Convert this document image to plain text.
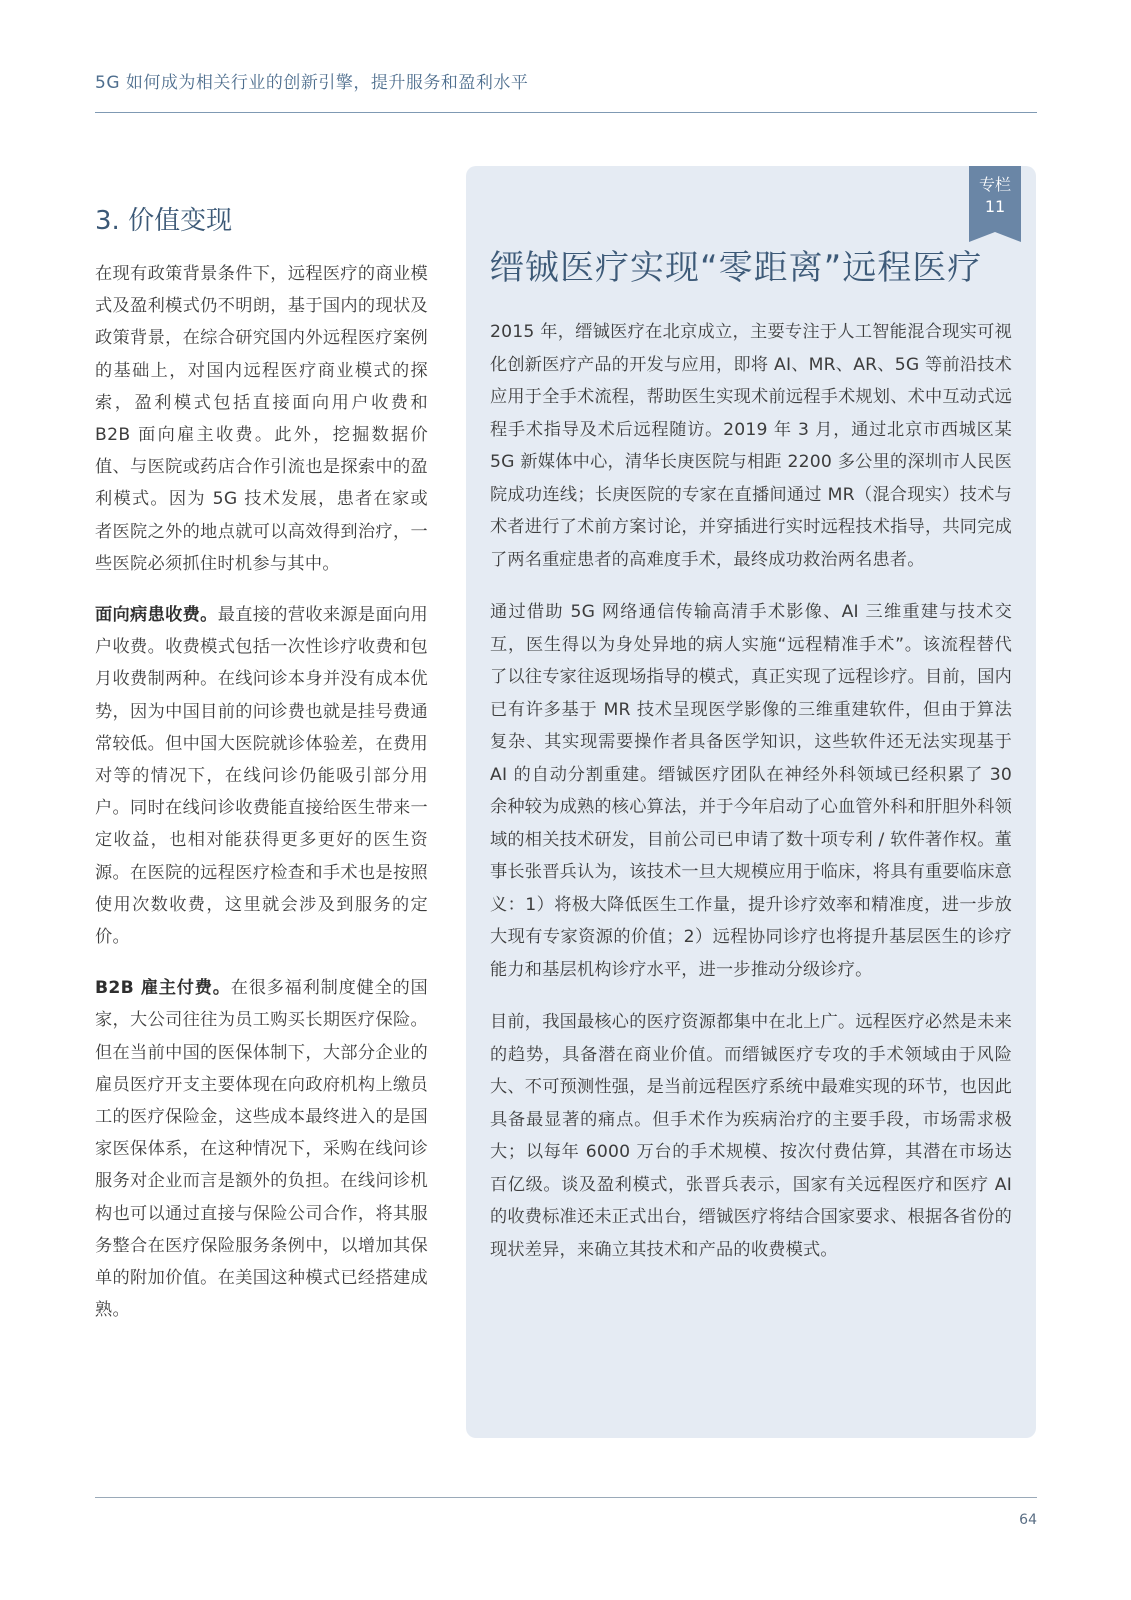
5G 如何成为相关行业的创新引擎，提升服务和盈利水平
3. 价值变现

在现有政策背景条件下，远程医疗的商业模式及盈利模式仍不明朗，基于国内的现状及政策背景，在综合研究国内外远程医疗案例的基础上，对国内远程医疗商业模式的探索，盈利模式包括直接面向用户收费和 B2B 面向雇主收费。此外，挖掘数据价值、与医院或药店合作引流也是探索中的盈利模式。因为 5G 技术发展，患者在家或者医院之外的地点就可以高效得到治疗，一些医院必须抓住时机参与其中。

面向病患收费。最直接的营收来源是面向用户收费。收费模式包括一次性诊疗收费和包月收费制两种。在线问诊本身并没有成本优势，因为中国目前的问诊费也就是挂号费通常较低。但中国大医院就诊体验差，在费用对等的情况下，在线问诊仍能吸引部分用户。同时在线问诊收费能直接给医生带来一定收益，也相对能获得更多更好的医生资源。在医院的远程医疗检查和手术也是按照使用次数收费，这里就会涉及到服务的定价。

B2B 雇主付费。在很多福利制度健全的国家，大公司往往为员工购买长期医疗保险。但在当前中国的医保体制下，大部分企业的雇员医疗开支主要体现在向政府机构上缴员工的医疗保险金，这些成本最终进入的是国家医保体系，在这种情况下，采购在线问诊服务对企业而言是额外的负担。在线问诊机构也可以通过直接与保险公司合作，将其服务整合在医疗保险服务条例中，以增加其保单的附加价值。在美国这种模式已经搭建成熟。

专栏
11
缙铖医疗实现“零距离”远程医疗

2015 年，缙铖医疗在北京成立，主要专注于人工智能混合现实可视化创新医疗产品的开发与应用，即将 AI、MR、AR、5G 等前沿技术应用于全手术流程，帮助医生实现术前远程手术规划、术中互动式远程手术指导及术后远程随访。2019 年 3 月，通过北京市西城区某 5G 新媒体中心，清华长庚医院与相距 2200 多公里的深圳市人民医院成功连线；长庚医院的专家在直播间通过 MR（混合现实）技术与术者进行了术前方案讨论，并穿插进行实时远程技术指导，共同完成了两名重症患者的高难度手术，最终成功救治两名患者。

通过借助 5G 网络通信传输高清手术影像、AI 三维重建与技术交互，医生得以为身处异地的病人实施“远程精准手术”。该流程替代了以往专家往返现场指导的模式，真正实现了远程诊疗。目前，国内已有许多基于 MR 技术呈现医学影像的三维重建软件，但由于算法复杂、其实现需要操作者具备医学知识，这些软件还无法实现基于 AI 的自动分割重建。缙铖医疗团队在神经外科领域已经积累了 30 余种较为成熟的核心算法，并于今年启动了心血管外科和肝胆外科领域的相关技术研发，目前公司已申请了数十项专利 / 软件著作权。董事长张晋兵认为，该技术一旦大规模应用于临床，将具有重要临床意义：1）将极大降低医生工作量，提升诊疗效率和精准度，进一步放大现有专家资源的价值；2）远程协同诊疗也将提升基层医生的诊疗能力和基层机构诊疗水平，进一步推动分级诊疗。

目前，我国最核心的医疗资源都集中在北上广。远程医疗必然是未来的趋势，具备潜在商业价值。而缙铖医疗专攻的手术领域由于风险大、不可预测性强，是当前远程医疗系统中最难实现的环节，也因此具备最显著的痛点。但手术作为疾病治疗的主要手段，市场需求极大；以每年 6000 万台的手术规模、按次付费估算，其潜在市场达百亿级。谈及盈利模式，张晋兵表示，国家有关远程医疗和医疗 AI 的收费标准还未正式出台，缙铖医疗将结合国家要求、根据各省份的现状差异，来确立其技术和产品的收费模式。

64
